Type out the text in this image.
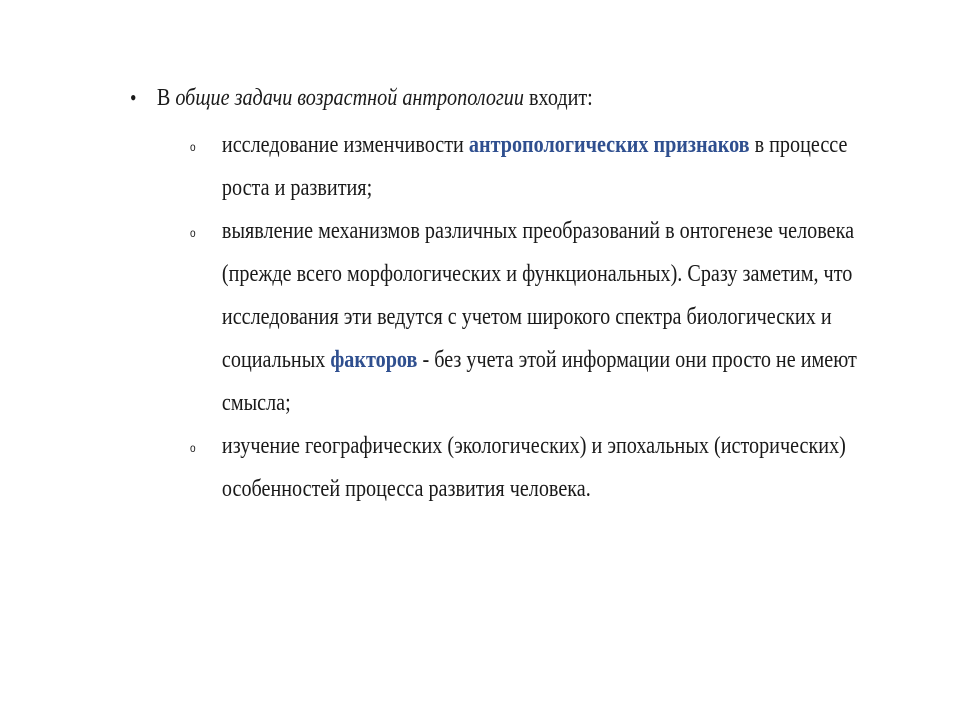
• В общие задачи возрастной антропологии входит:
o	исследование изменчивости антропологических признаков в процессе роста и развития;
o	выявление механизмов различных преобразований в онтогенезе человека (прежде всего морфологических и функциональных). Сразу заметим, что исследования эти ведутся с учетом широкого спектра биологических и социальных факторов - без учета этой информации они просто не имеют смысла;
o	изучение географических (экологических) и эпохальных (исторических) особенностей процесса развития человека.
